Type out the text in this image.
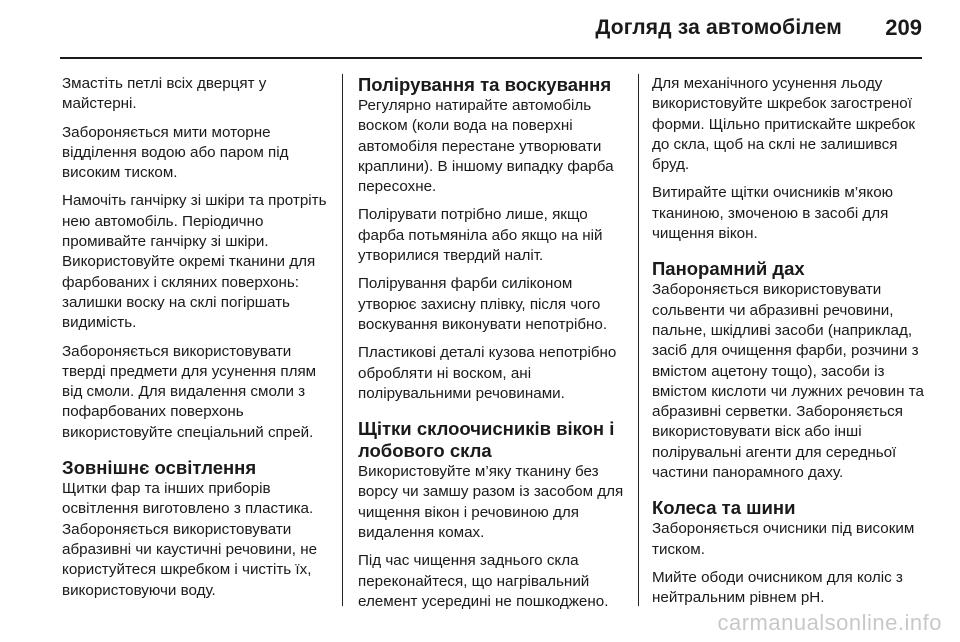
Догляд за автомобілем 209

Змастіть петлі всіх дверцят у майстерні.

Забороняється мити моторне відділення водою або паром під високим тиском.

Намочіть ганчірку зі шкіри та протріть нею автомобіль. Періодично промивайте ганчірку зі шкіри. Використовуйте окремі тканини для фарбованих і скляних поверхонь: залишки воску на склі погіршать видимість.

Забороняється використовувати тверді предмети для усунення плям від смоли. Для видалення смоли з пофарбованих поверхонь використовуйте спеціальний спрей.

Зовнішнє освітлення

Щитки фар та інших приборів освітлення виготовлено з пластика. Забороняється використовувати абразивні чи каустичні речовини, не користуйтеся шкребком і чистіть їх, використовуючи воду.

Полірування та воскування

Регулярно натирайте автомобіль воском (коли вода на поверхні автомобіля перестане утворювати краплини). В іншому випадку фарба пересохне.

Полірувати потрібно лише, якщо фарба потьмяніла або якщо на ній утворилися твердий наліт.

Полірування фарби силіконом утворює захисну плівку, після чого воскування виконувати непотрібно.

Пластикові деталі кузова непотрібно обробляти ні воском, ані полірувальними речовинами.

Щітки склоочисників вікон і лобового скла

Використовуйте м’яку тканину без ворсу чи замшу разом із засобом для чищення вікон і речовиною для видалення комах.

Під час чищення заднього скла переконайтеся, що нагрівальний елемент усередині не пошкоджено.

Для механічного усунення льоду використовуйте шкребок загостреної форми. Щільно притискайте шкребок до скла, щоб на склі не залишився бруд.

Витирайте щітки очисників м’якою тканиною, змоченою в засобі для чищення вікон.

Панорамний дах

Забороняється використовувати сольвенти чи абразивні речовини, пальне, шкідливі засоби (наприклад, засіб для очищення фарби, розчини з вмістом ацетону тощо), засоби із вмістом кислоти чи лужних речовин та абразивні серветки. Забороняється використовувати віск або інші полірувальні агенти для середньої частини панорамного даху.

Колеса та шини

Забороняється очисники під високим тиском.

Мийте ободи очисником для коліс з нейтральним рівнем pH.

carmanualsonline.info
